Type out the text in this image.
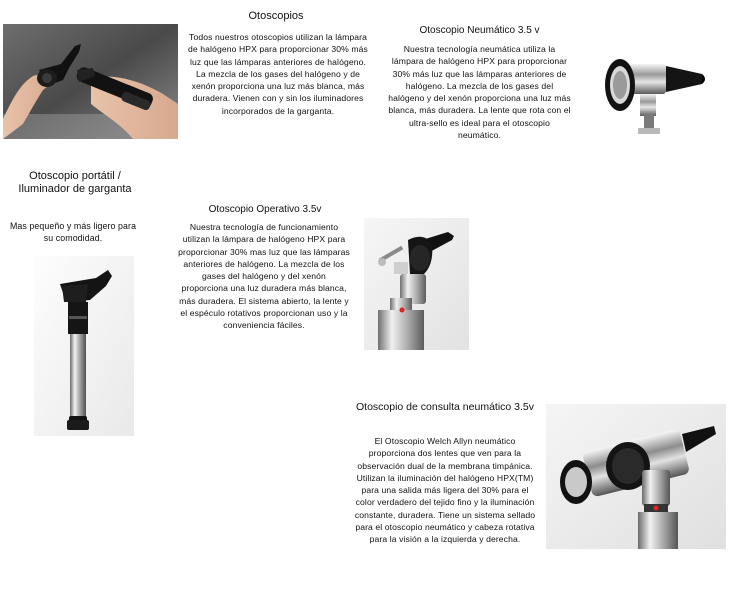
Otoscopios
Todos nuestros otoscopios utilizan la lámpara de halógeno HPX para proporcionar 30% más luz que las lámparas anteriores de halógeno. La mezcla de los gases del halógeno y de xenón proporciona una luz más blanca, más duradera. Vienen con y sin los iluminadores incorporados de la garganta.
Otoscopio Neumático 3.5 v
Nuestra tecnología neumática utiliza la lámpara de halógeno HPX para proporcionar 30% más luz que las lámparas anteriores de halógeno. La mezcla de los gases del halógeno y del xenón proporciona una luz más blanca, más duradera. La lente que rota con el ultra-sello es ideal para el otoscopio neumático.
Otoscopio portátil / Iluminador de garganta
Mas pequeño y más ligero para su comodidad.
Otoscopio Operativo 3.5v
Nuestra tecnología de funcionamiento utilizan la lámpara de halógeno HPX para proporcionar 30% mas luz que las lámparas anteriores de halógeno. La mezcla de los gases del halógeno y del xenón proporciona una luz duradera más blanca, más duradera. El sistema abierto, la lente y el espéculo rotativos proporcionan uso y la conveniencia fáciles.
Otoscopio de consulta neumático 3.5v
El Otoscopio Welch Allyn neumático proporciona dos lentes que ven para la observación dual de la membrana timpánica. Utilizan la iluminación del halógeno HPX(TM) para una salida más ligera del 30% para el color verdadero del tejido fino y la iluminación constante, duradera. Tiene un sistema sellado para el otoscopio neumático y cabeza rotativa para la visión a la izquierda y derecha.
